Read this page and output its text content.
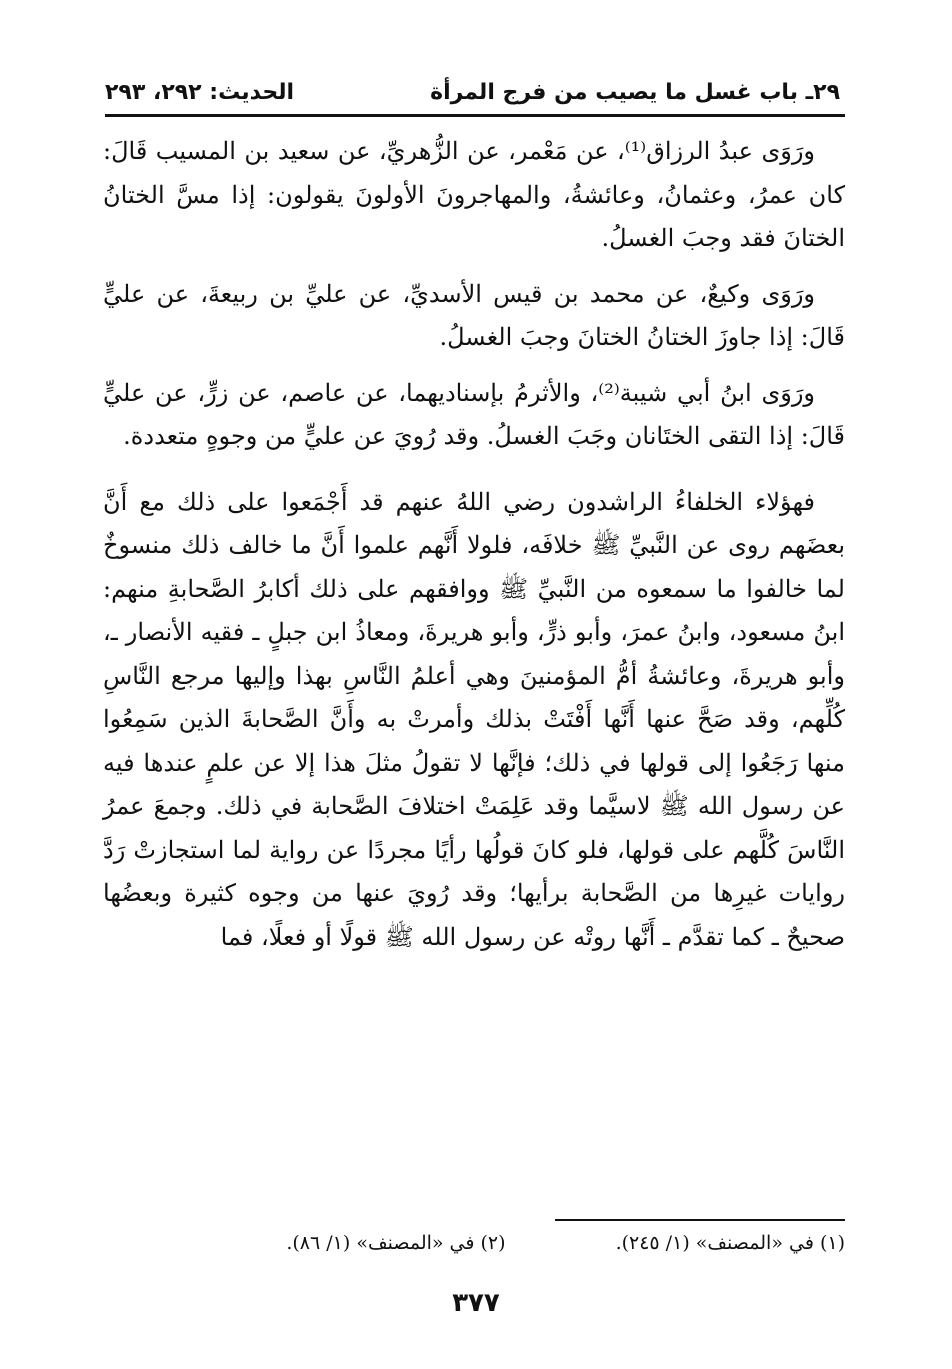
٢٩ـ باب غسل ما يصيب من فرج المرأة
الحديث: ٢٩٢، ٢٩٣

ورَوَى عبدُ الرزاق⁽¹⁾، عن مَعْمر، عن الزُّهريِّ، عن سعيد بن المسيب قَالَ: كان عمرُ، وعثمانُ، وعائشةُ، والمهاجرونَ الأولونَ يقولون: إذا مسَّ الختانُ الختانَ فقد وجبَ الغسلُ.

ورَوَى وكيعٌ، عن محمد بن قيس الأسديِّ، عن عليِّ بن ربيعةَ، عن عليٍّ قَالَ: إذا جاوزَ الختانُ الختانَ وجبَ الغسلُ.

ورَوَى ابنُ أبي شيبة⁽²⁾، والأثرمُ بإسناديهما، عن عاصم، عن زرٍّ، عن عليٍّ قَالَ: إذا التقى الختَانان وجَبَ الغسلُ. وقد رُويَ عن عليٍّ من وجوهٍ متعددة.

فهؤلاء الخلفاءُ الراشدون رضي اللهُ عنهم قد أَجْمَعوا على ذلك مع أَنَّ بعضَهم روى عن النَّبيِّ ﷺ خلافَه، فلولا أَنَّهم علموا أَنَّ ما خالف ذلك منسوخٌ لما خالفوا ما سمعوه من النَّبيِّ ﷺ ووافقهم على ذلك أكابرُ الصَّحابةِ منهم: ابنُ مسعود، وابنُ عمرَ، وأبو ذرٍّ، وأبو هريرةَ، ومعاذُ ابن جبلٍ ـ فقيه الأنصار ـ، وأبو هريرةَ، وعائشةُ أمُّ المؤمنينَ وهي أعلمُ النَّاسِ بهذا وإليها مرجع النَّاسِ كُلِّهم، وقد صَحَّ عنها أَنَّها أَفْتَتْ بذلك وأمرتْ به وأَنَّ الصَّحابةَ الذين سَمِعُوا منها رَجَعُوا إلى قولها في ذلك؛ فإنَّها لا تقولُ مثلَ هذا إلا عن علمٍ عندها فيه عن رسول الله ﷺ لاسيَّما وقد عَلِمَتْ اختلافَ الصَّحابة في ذلك. وجمعَ عمرُ النَّاسَ كُلَّهم على قولها، فلو كانَ قولُها رأيًا مجردًا عن رواية لما استجازتْ رَدَّ روايات غيرِها من الصَّحابة برأيها؛ وقد رُويَ عنها من وجوه كثيرة وبعضُها صحيحٌ ـ كما تقدَّم ـ أَنَّها روتْه عن رسول الله ﷺ قولًا أو فعلًا، فما

(١) في «المصنف» (١/ ٢٤٥).
(٢) في «المصنف» (١/ ٨٦).
٣٧٧
